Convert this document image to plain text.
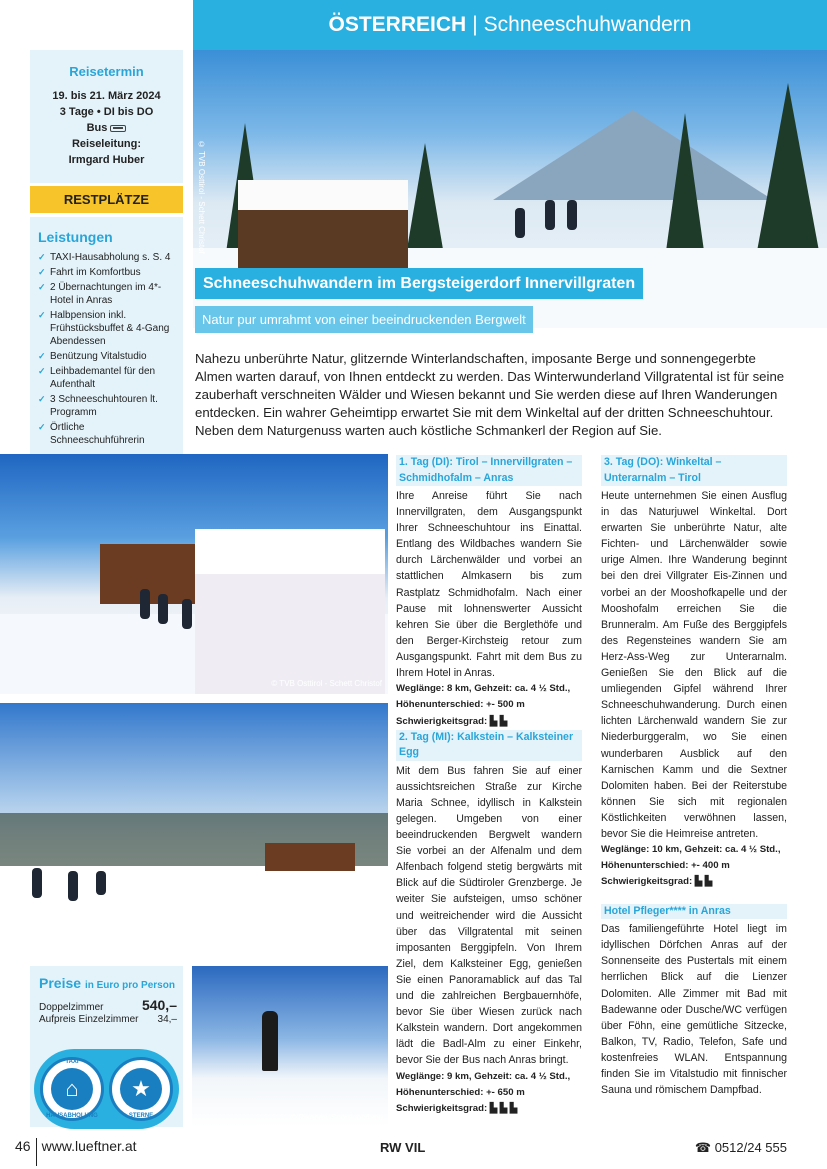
ÖSTERREICH | Schneeschuhwandern
Reisetermin
19. bis 21. März 2024
3 Tage • DI bis DO
Bus
Reiseleitung:
Irmgard Huber
RESTPLÄTZE
Leistungen
✓ TAXI-Hausabholung s. S. 4
✓ Fahrt im Komfortbus
✓ 2 Übernachtungen im 4*-Hotel in Anras
✓ Halbpension inkl. Frühstücksbuffet & 4-Gang Abendessen
✓ Benützung Vitalstudio
✓ Leihbademantel für den Aufenthalt
✓ 3 Schneeschuhtouren lt. Programm
✓ Örtliche Schneeschuhführerin
© TVB Osttirol - Schett Christof
Schneeschuhwandern im Bergsteigerdorf Innervillgraten
Natur pur umrahmt von einer beeindruckenden Bergwelt
Nahezu unberührte Natur, glitzernde Winterlandschaften, imposante Berge und sonnengegerbte Almen warten darauf, von Ihnen entdeckt zu werden. Das Winterwunderland Villgratental ist für seine zauberhaft verschneiten Wälder und Wiesen bekannt und Sie werden diese auf Ihren Wanderungen entdecken. Ein wahrer Geheimtipp erwartet Sie mit dem Winkeltal auf der dritten Schneeschuhtour. Neben dem Naturgenuss warten auch köstliche Schmankerl der Region auf Sie.
© TVB Osttirol - Schett Christof
© TVB Osttirol - Schett Christof
© Pixabay, Sportfood4you
Preise in Euro pro Person
Doppelzimmer	540,–
Aufpreis Einzelzimmer 34,–
TAXI
⌂
HAUSABHOLUNG
★
STERNE
1. Tag (DI): Tirol – Innervillgraten – Schmidhofalm – Anras
Ihre Anreise führt Sie nach Innervillgraten, dem Ausgangspunkt Ihrer Schneeschuhtour ins Einattal. Entlang des Wildbaches wandern Sie durch Lärchenwälder und vorbei an stattlichen Almkasern bis zum Rastplatz Schmidhofalm. Nach einer Pause mit lohnenswerter Aussicht kehren Sie über die Berglethöfe und den Berger-Kirchsteig retour zum Ausgangspunkt. Fahrt mit dem Bus zu Ihrem Hotel in Anras.
Weglänge: 8 km, Gehzeit: ca. 4 ½ Std.,
Höhenunterschied: +- 500 m
Schwierigkeitsgrad: ▙ ▙
2. Tag (MI): Kalkstein – Kalksteiner Egg
Mit dem Bus fahren Sie auf einer aussichtsreichen Straße zur Kirche Maria Schnee, idyllisch in Kalkstein gelegen. Umgeben von einer beeindruckenden Bergwelt wandern Sie vorbei an der Alfenalm und dem Alfenbach folgend stetig bergwärts mit Blick auf die Südtiroler Grenzberge. Je weiter Sie aufsteigen, umso schöner und weitreichender wird die Aussicht über das Villgratental mit seinen imposanten Berggipfeln. Von Ihrem Ziel, dem Kalksteiner Egg, genießen Sie einen Panoramablick auf das Tal und die zahlreichen Bergbauernhöfe, bevor Sie über Wiesen zurück nach Kalkstein wandern. Dort angekommen lädt die Badl-Alm zu einer Einkehr, bevor Sie der Bus nach Anras bringt.
Weglänge: 9 km, Gehzeit: ca. 4 ½ Std.,
Höhenunterschied: +- 650 m
Schwierigkeitsgrad: ▙ ▙ ▙
3. Tag (DO): Winkeltal – Unterarnalm – Tirol
Heute unternehmen Sie einen Ausflug in das Naturjuwel Winkeltal. Dort erwarten Sie unberührte Natur, alte Fichten- und Lärchenwälder sowie urige Almen. Ihre Wanderung beginnt bei den drei Villgrater Eis-Zinnen und vorbei an der Mooshofkapelle und der Mooshofalm erreichen Sie die Brunneralm. Am Fuße des Berggipfels des Regensteines wandern Sie am Herz-Ass-Weg zur Unterarnalm. Genießen Sie den Blick auf die umliegenden Gipfel während Ihrer Schneeschuhwanderung. Durch einen lichten Lärchenwald wandern Sie zur Niederburggeralm, wo Sie einen wunderbaren Ausblick auf den Karnischen Kamm und die Sextner Dolomiten haben. Bei der Reiterstube können Sie sich mit regionalen Köstlichkeiten verwöhnen lassen, bevor Sie die Heimreise antreten.
Weglänge: 10 km, Gehzeit: ca. 4 ½ Std.,
Höhenunterschied: +- 400 m
Schwierigkeitsgrad: ▙ ▙
Hotel Pfleger**** in Anras
Das familiengeführte Hotel liegt im idyllischen Dörfchen Anras auf der Sonnenseite des Pustertals mit einem herrlichen Blick auf die Lienzer Dolomiten. Alle Zimmer mit Bad mit Badewanne oder Dusche/WC verfügen über Föhn, eine gemütliche Sitzecke, Balkon, TV, Radio, Telefon, Safe und kostenfreies WLAN. Entspannung finden Sie im Vitalstudio mit finnischer Sauna und römischem Dampfbad.
46 www.lueftner.at	RW VIL	☎ 0512/24 555
